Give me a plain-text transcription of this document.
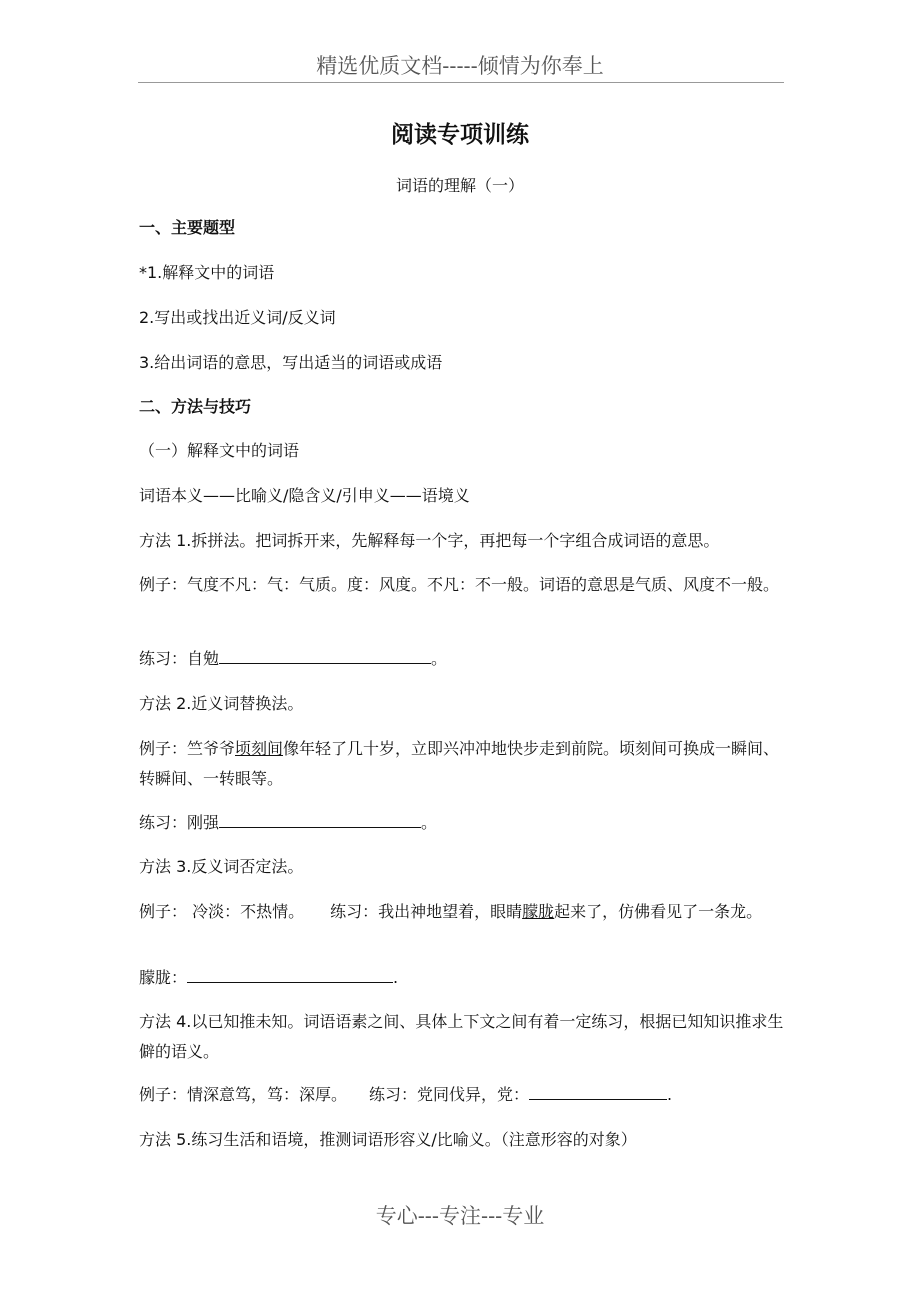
精选优质文档-----倾情为你奉上
阅读专项训练
词语的理解（一）
一、主要题型
*1.解释文中的词语
2.写出或找出近义词/反义词
3.给出词语的意思，写出适当的词语或成语
二、方法与技巧
（一）解释文中的词语
词语本义——比喻义/隐含义/引申义——语境义
方法 1.拆拼法。把词拆开来，先解释每一个字，再把每一个字组合成词语的意思。
例子：气度不凡：气：气质。度：风度。不凡：不一般。词语的意思是气质、风度不一般。
练习：自勉	。
方法 2.近义词替换法。
例子：竺爷爷顷刻间像年轻了几十岁，立即兴冲冲地快步走到前院。顷刻间可换成一瞬间、转瞬间、一转眼等。
练习：刚强	。
方法 3.反义词否定法。
例子： 冷淡：不热情。 练习：我出神地望着，眼睛朦胧起来了，仿佛看见了一条龙。
朦胧：	.
方法 4.以已知推未知。词语语素之间、具体上下文之间有着一定练习，根据已知知识推求生僻的语义。
例子：情深意笃，笃：深厚。 练习：党同伐异，党：	.
方法 5.练习生活和语境，推测词语形容义/比喻义。（注意形容的对象）
专心---专注---专业
